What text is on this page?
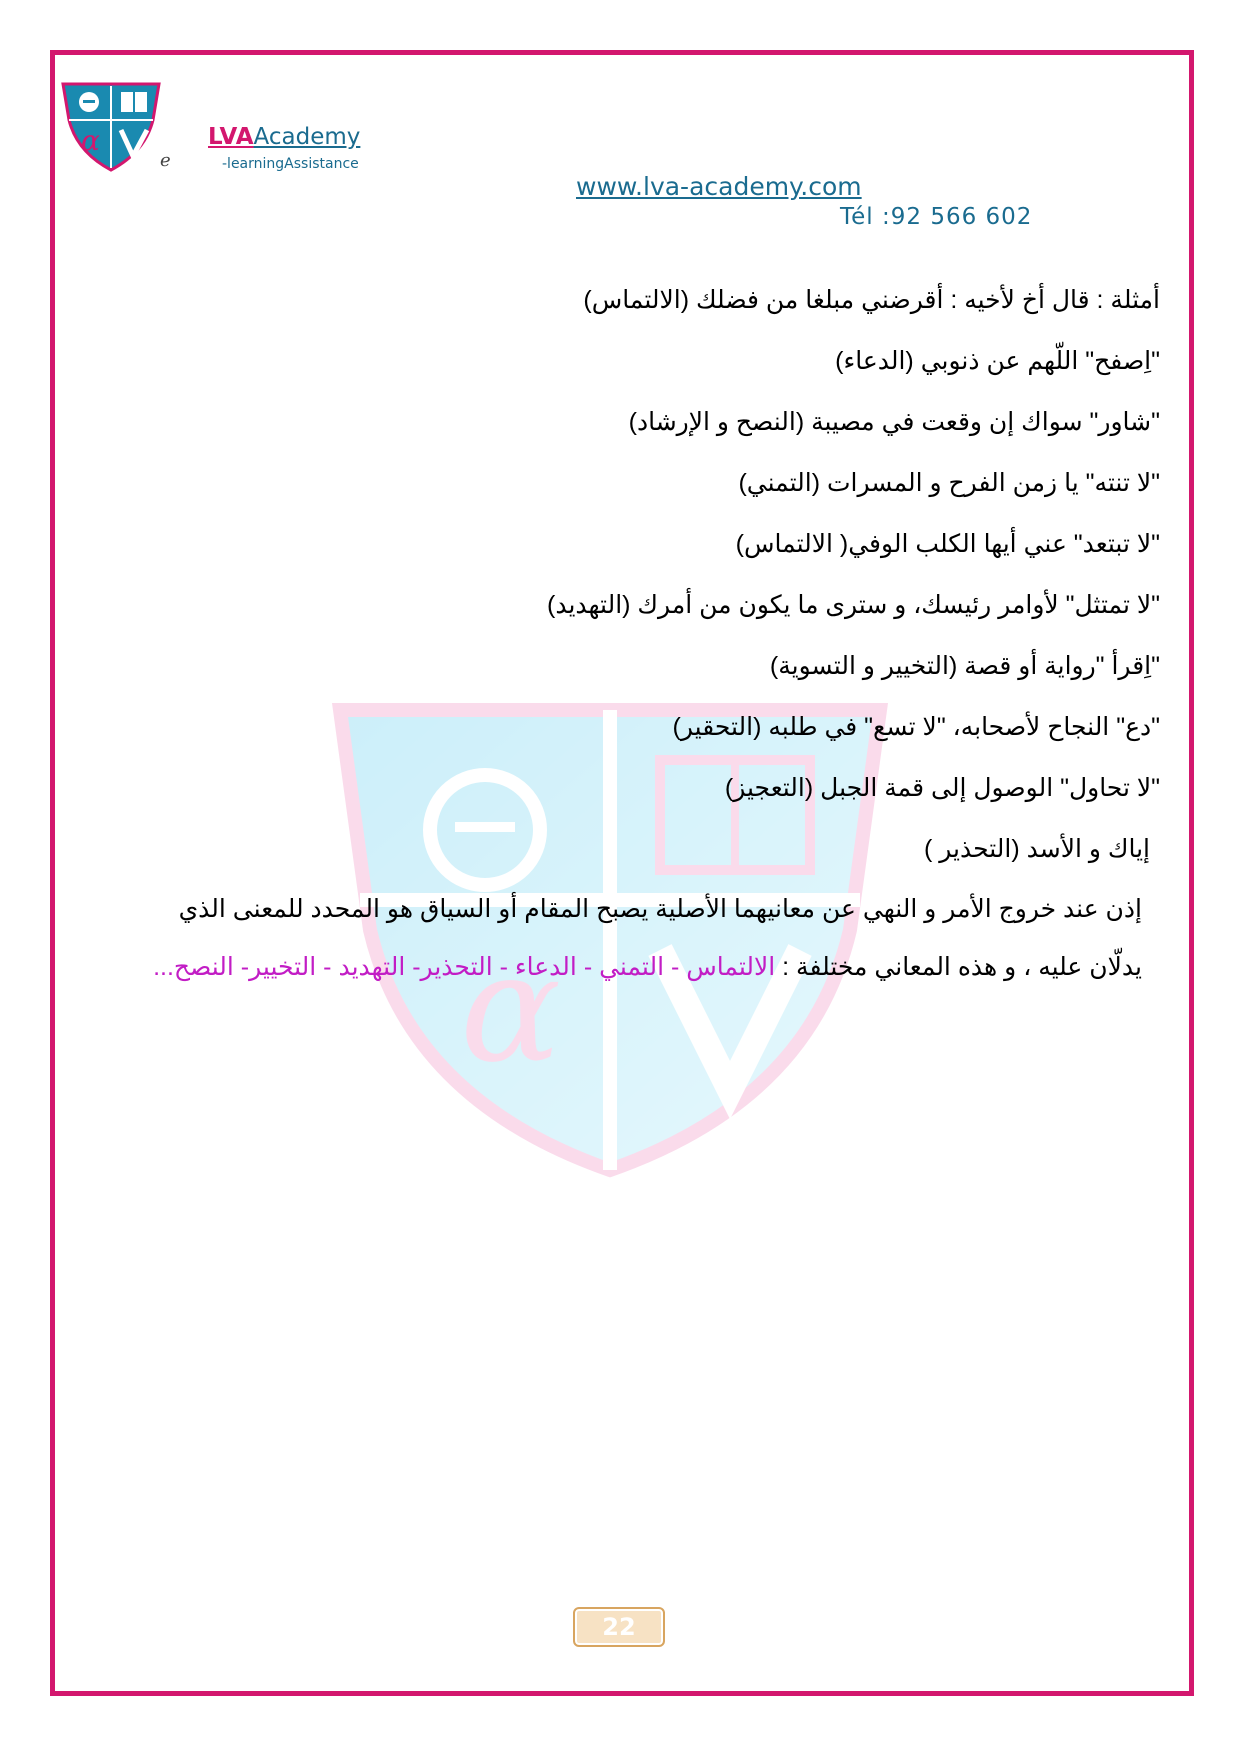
α
e
LVAAcademy
-learningAssistance
www.lva-academy.com
Tél :92 566 602
α
أمثلة : قال أخ لأخيه : أقرضني مبلغا من فضلك (الالتماس)
"اِصفح" اللّهم عن ذنوبي (الدعاء)
"شاور" سواك إن وقعت في مصيبة (النصح و الإرشاد)
"لا تنته" يا زمن الفرح و المسرات (التمني)
"لا تبتعد" عني أيها الكلب الوفي( الالتماس)
"لا تمتثل" لأوامر رئيسك، و سترى ما يكون من أمرك (التهديد)
"اِقرأ "رواية أو قصة (التخيير و التسوية)
"دع" النجاح لأصحابه، "لا تسع" في طلبه (التحقير)
"لا تحاول" الوصول إلى قمة الجبل (التعجيز)
إياك و الأسد (التحذير )
إذن عند خروج الأمر و النهي عن معانيهما الأصلية يصبح المقام أو السياق هو المحدد للمعنى الذي يدلّان عليه ، و هذه المعاني مختلفة : الالتماس - التمني - الدعاء - التحذير- التهديد - التخيير- النصح...
22
